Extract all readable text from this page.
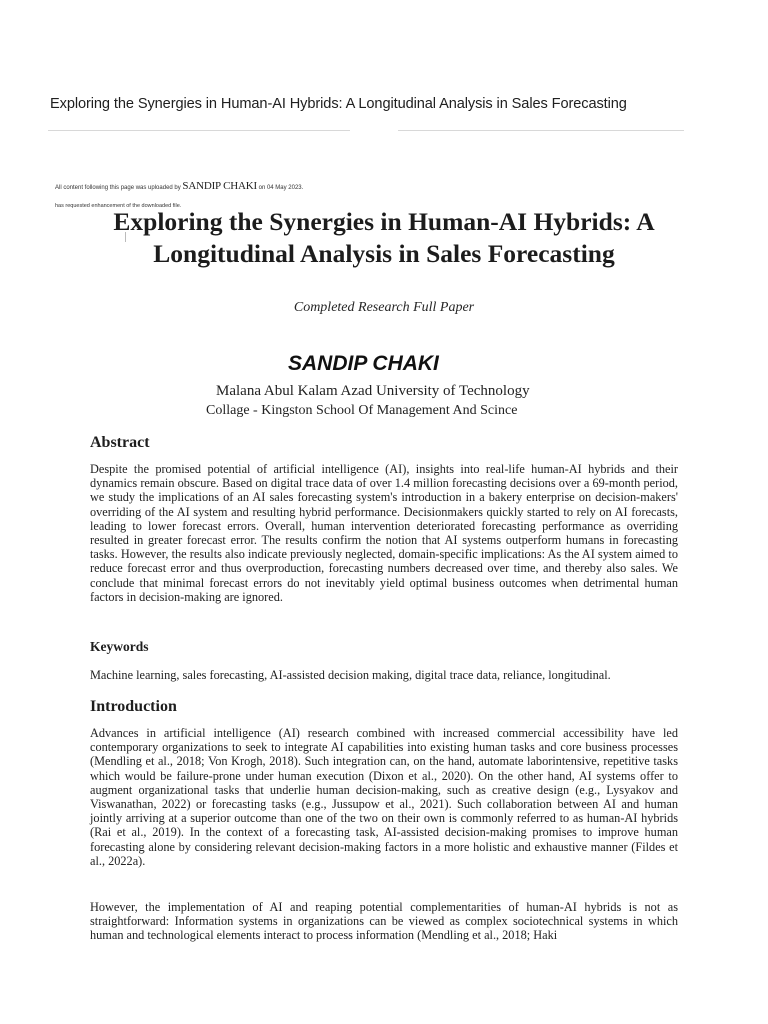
Exploring the Synergies in Human-AI Hybrids: A Longitudinal Analysis in Sales Forecasting
All content following this page was uploaded by SANDIP CHAKI on 04 May 2023.
has requested enhancement of the downloaded file.
Exploring the Synergies in Human-AI Hybrids: A Longitudinal Analysis in Sales Forecasting
Completed Research Full Paper
SANDIP CHAKI
Malana Abul Kalam Azad University of Technology
Collage - Kingston School Of Management And Scince
Abstract

Despite the promised potential of artificial intelligence (AI), insights into real-life human-AI hybrids and their dynamics remain obscure. Based on digital trace data of over 1.4 million forecasting decisions over a 69-month period, we study the implications of an AI sales forecasting system's introduction in a bakery enterprise on decision-makers' overriding of the AI system and resulting hybrid performance. Decisionmakers quickly started to rely on AI forecasts, leading to lower forecast errors. Overall, human intervention deteriorated forecasting performance as overriding resulted in greater forecast error. The results confirm the notion that AI systems outperform humans in forecasting tasks. However, the results also indicate previously neglected, domain-specific implications: As the AI system aimed to reduce forecast error and thus overproduction, forecasting numbers decreased over time, and thereby also sales. We conclude that minimal forecast errors do not inevitably yield optimal business outcomes when detrimental human factors in decision-making are ignored.

Keywords

Machine learning, sales forecasting, AI-assisted decision making, digital trace data, reliance, longitudinal.

Introduction

Advances in artificial intelligence (AI) research combined with increased commercial accessibility have led contemporary organizations to seek to integrate AI capabilities into existing human tasks and core business processes (Mendling et al., 2018; Von Krogh, 2018). Such integration can, on the hand, automate laborintensive, repetitive tasks which would be failure-prone under human execution (Dixon et al., 2020). On the other hand, AI systems offer to augment organizational tasks that underlie human decision-making, such as creative design (e.g., Lysyakov and Viswanathan, 2022) or forecasting tasks (e.g., Jussupow et al., 2021). Such collaboration between AI and human jointly arriving at a superior outcome than one of the two on their own is commonly referred to as human-AI hybrids (Rai et al., 2019). In the context of a forecasting task, AI-assisted decision-making promises to improve human forecasting alone by considering relevant decision-making factors in a more holistic and exhaustive manner (Fildes et al., 2022a).

However, the implementation of AI and reaping potential complementarities of human-AI hybrids is not as straightforward: Information systems in organizations can be viewed as complex sociotechnical systems in which human and technological elements interact to process information (Mendling et al., 2018; Haki
